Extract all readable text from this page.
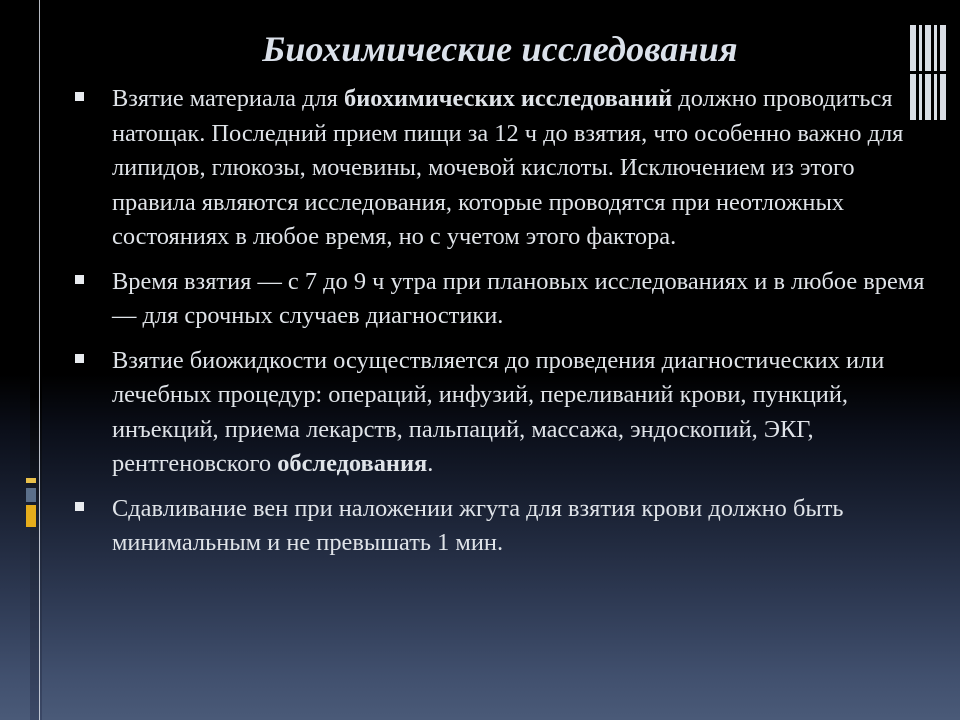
Биохимические исследования
Взятие материала для биохимических исследований должно проводиться натощак. Последний прием пищи за 12 ч до взятия, что особенно важно для липидов, глюкозы, мочевины, мочевой кислоты. Исключением из этого правила являются исследования, которые проводятся при неотложных состояниях в любое время, но с учетом этого фактора.
Время взятия — с 7 до 9 ч утра при плановых исследованиях и в любое время — для срочных случаев диагностики.
Взятие биожидкости осуществляется до проведения диагностических или лечебных процедур: операций, инфузий, переливаний крови, пункций, инъекций, приема лекарств, пальпаций, массажа, эндоскопий, ЭКГ, рентгеновского обследования.
Сдавливание вен при наложении жгута для взятия крови должно быть минимальным и не превышать 1 мин.
